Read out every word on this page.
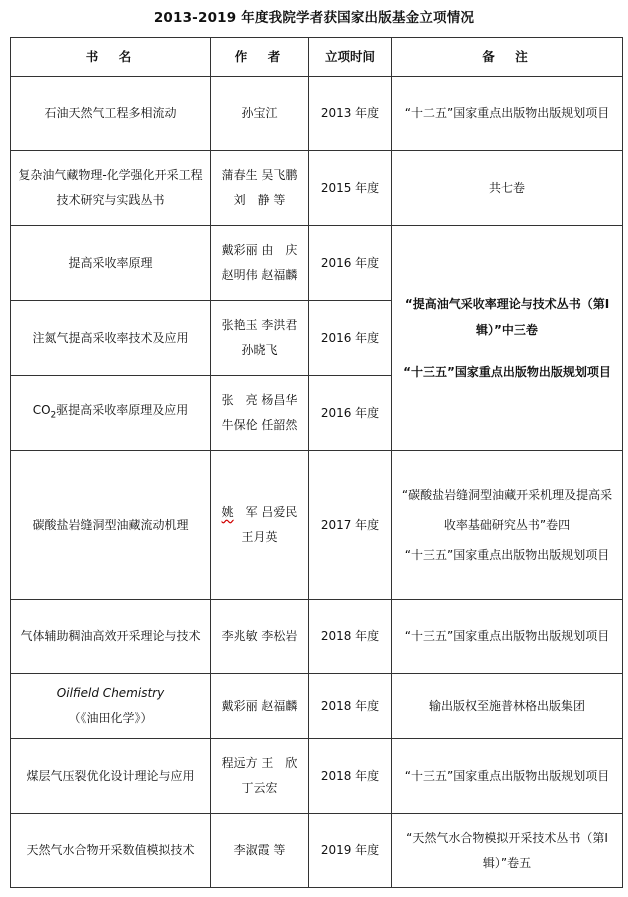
2013-2019 年度我院学者获国家出版基金立项情况
书　名	作　者	立项时间	备　注
石油天然气工程多相流动	孙宝江	2013 年度	“十二五”国家重点出版物出版规划项目
复杂油气藏物理-化学强化开采工程技术研究与实践丛书	蒲春生 吴飞鹏 刘　静 等	2015 年度	共七卷
提高采收率原理	戴彩丽 由　庆 赵明伟 赵福麟	2016 年度	“提高油气采收率理论与技术丛书（第Ⅰ辑）”中三卷
“十三五”国家重点出版物出版规划项目

注氮气提高采收率技术及应用	张艳玉 李洪君 孙晓飞	2016 年度	
$CO_2$驱提高采收率原理及应用	张　亮 杨昌华 牛保伦 任韶然	2016 年度	
碳酸盐岩缝洞型油藏流动机理	姚　军 吕爱民 王月英	2017 年度	“碳酸盐岩缝洞型油藏开采机理及提高采收率基础研究丛书”卷四
“十三五”国家重点出版物出版规划项目

气体辅助稠油高效开采理论与技术	李兆敏 李松岩	2018 年度	“十三五”国家重点出版物出版规划项目
Oilfield Chemistry（《油田化学》）	戴彩丽 赵福麟	2018 年度	输出版权至施普林格出版集团
煤层气压裂优化设计理论与应用	程远方 王　欣 丁云宏	2018 年度	“十三五”国家重点出版物出版规划项目
天然气水合物开采数值模拟技术	李淑霞 等	2019 年度	“天然气水合物模拟开采技术丛书（第Ⅰ辑）”卷五
